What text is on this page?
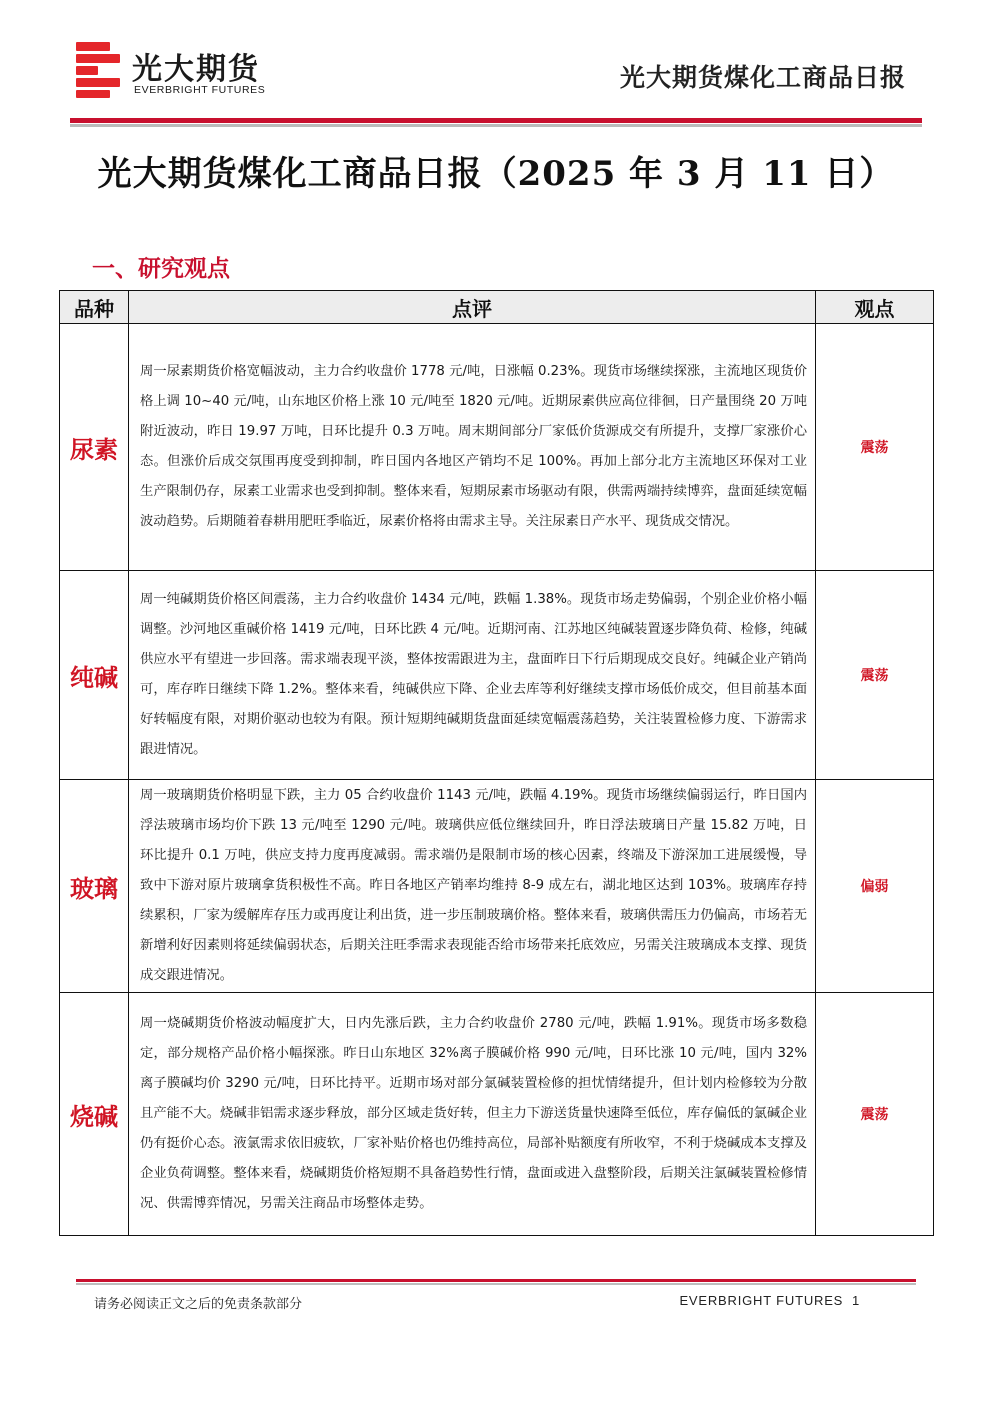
光大期货
EVERBRIGHT FUTURES	光大期货煤化工商品日报
光大期货煤化工商品日报（2025 年 3 月 11 日）
一、研究观点
品种	点评	观点
尿素	周一尿素期货价格宽幅波动，主力合约收盘价 1778 元/吨，日涨幅 0.23%。现货市场继续探涨，主流地区现货价格上调 10~40 元/吨，山东地区价格上涨 10 元/吨至 1820 元/吨。近期尿素供应高位徘徊，日产量围绕 20 万吨附近波动，昨日 19.97 万吨，日环比提升 0.3 万吨。周末期间部分厂家低价货源成交有所提升，支撑厂家涨价心态。但涨价后成交氛围再度受到抑制，昨日国内各地区产销均不足 100%。再加上部分北方主流地区环保对工业生产限制仍存，尿素工业需求也受到抑制。整体来看，短期尿素市场驱动有限，供需两端持续博弈，盘面延续宽幅波动趋势。后期随着春耕用肥旺季临近，尿素价格将由需求主导。关注尿素日产水平、现货成交情况。	震荡
纯碱	周一纯碱期货价格区间震荡，主力合约收盘价 1434 元/吨，跌幅 1.38%。现货市场走势偏弱，个别企业价格小幅调整。沙河地区重碱价格 1419 元/吨，日环比跌 4 元/吨。近期河南、江苏地区纯碱装置逐步降负荷、检修，纯碱供应水平有望进一步回落。需求端表现平淡，整体按需跟进为主，盘面昨日下行后期现成交良好。纯碱企业产销尚可，库存昨日继续下降 1.2%。整体来看，纯碱供应下降、企业去库等利好继续支撑市场低价成交，但目前基本面好转幅度有限，对期价驱动也较为有限。预计短期纯碱期货盘面延续宽幅震荡趋势，关注装置检修力度、下游需求跟进情况。	震荡
玻璃	周一玻璃期货价格明显下跌，主力 05 合约收盘价 1143 元/吨，跌幅 4.19%。现货市场继续偏弱运行，昨日国内浮法玻璃市场均价下跌 13 元/吨至 1290 元/吨。玻璃供应低位继续回升，昨日浮法玻璃日产量 15.82 万吨，日环比提升 0.1 万吨，供应支持力度再度减弱。需求端仍是限制市场的核心因素，终端及下游深加工进展缓慢，导致中下游对原片玻璃拿货积极性不高。昨日各地区产销率均维持 8-9 成左右，湖北地区达到 103%。玻璃库存持续累积，厂家为缓解库存压力或再度让利出货，进一步压制玻璃价格。整体来看，玻璃供需压力仍偏高，市场若无新增利好因素则将延续偏弱状态，后期关注旺季需求表现能否给市场带来托底效应，另需关注玻璃成本支撑、现货成交跟进情况。	偏弱
烧碱	周一烧碱期货价格波动幅度扩大，日内先涨后跌，主力合约收盘价 2780 元/吨，跌幅 1.91%。现货市场多数稳定，部分规格产品价格小幅探涨。昨日山东地区 32%离子膜碱价格 990 元/吨，日环比涨 10 元/吨，国内 32%离子膜碱均价 3290 元/吨，日环比持平。近期市场对部分氯碱装置检修的担忧情绪提升，但计划内检修较为分散且产能不大。烧碱非铝需求逐步释放，部分区域走货好转，但主力下游送货量快速降至低位，库存偏低的氯碱企业仍有挺价心态。液氯需求依旧疲软，厂家补贴价格也仍维持高位，局部补贴额度有所收窄，不利于烧碱成本支撑及企业负荷调整。整体来看，烧碱期货价格短期不具备趋势性行情，盘面或进入盘整阶段，后期关注氯碱装置检修情况、供需博弈情况，另需关注商品市场整体走势。	震荡
请务必阅读正文之后的免责条款部分	EVERBRIGHT FUTURES 1
